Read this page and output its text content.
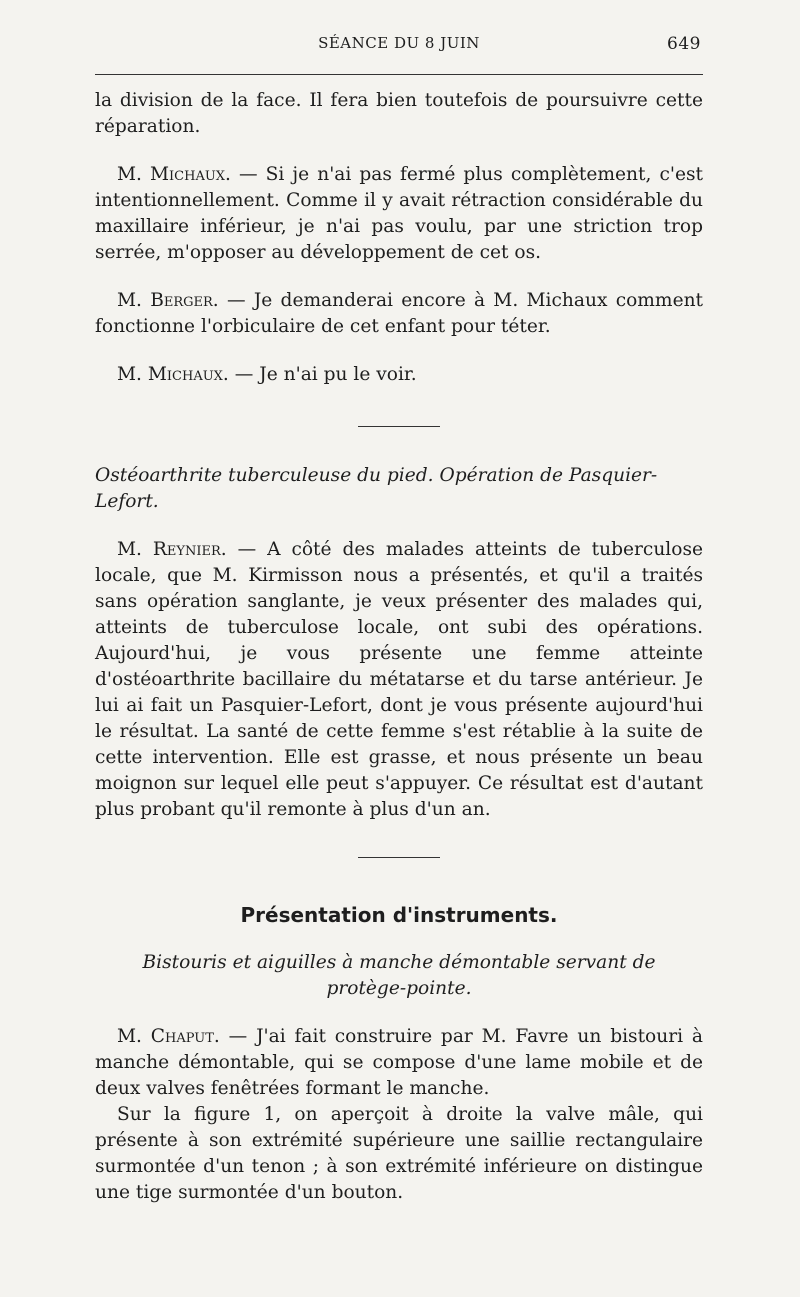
SÉANCE DU 8 JUIN	649

la division de la face. Il fera bien toutefois de poursuivre cette réparation.

M. Michaux. — Si je n'ai pas fermé plus complètement, c'est intentionnellement. Comme il y avait rétraction considérable du maxillaire inférieur, je n'ai pas voulu, par une striction trop serrée, m'opposer au développement de cet os.

M. Berger. — Je demanderai encore à M. Michaux comment fonctionne l'orbiculaire de cet enfant pour téter.

M. Michaux. — Je n'ai pu le voir.

Ostéoarthrite tuberculeuse du pied. Opération de Pasquier-Lefort.

M. Reynier. — A côté des malades atteints de tuberculose locale, que M. Kirmisson nous a présentés, et qu'il a traités sans opération sanglante, je veux présenter des malades qui, atteints de tuberculose locale, ont subi des opérations. Aujourd'hui, je vous présente une femme atteinte d'ostéoarthrite bacillaire du métatarse et du tarse antérieur. Je lui ai fait un Pasquier-Lefort, dont je vous présente aujourd'hui le résultat. La santé de cette femme s'est rétablie à la suite de cette intervention. Elle est grasse, et nous présente un beau moignon sur lequel elle peut s'appuyer. Ce résultat est d'autant plus probant qu'il remonte à plus d'un an.

Présentation d'instruments.

Bistouris et aiguilles à manche démontable servant de

protège-pointe.

M. Chaput. — J'ai fait construire par M. Favre un bistouri à manche démontable, qui se compose d'une lame mobile et de deux valves fenêtrées formant le manche.

Sur la figure 1, on aperçoit à droite la valve mâle, qui présente à son extrémité supérieure une saillie rectangulaire surmontée d'un tenon ; à son extrémité inférieure on distingue une tige surmontée d'un bouton.
